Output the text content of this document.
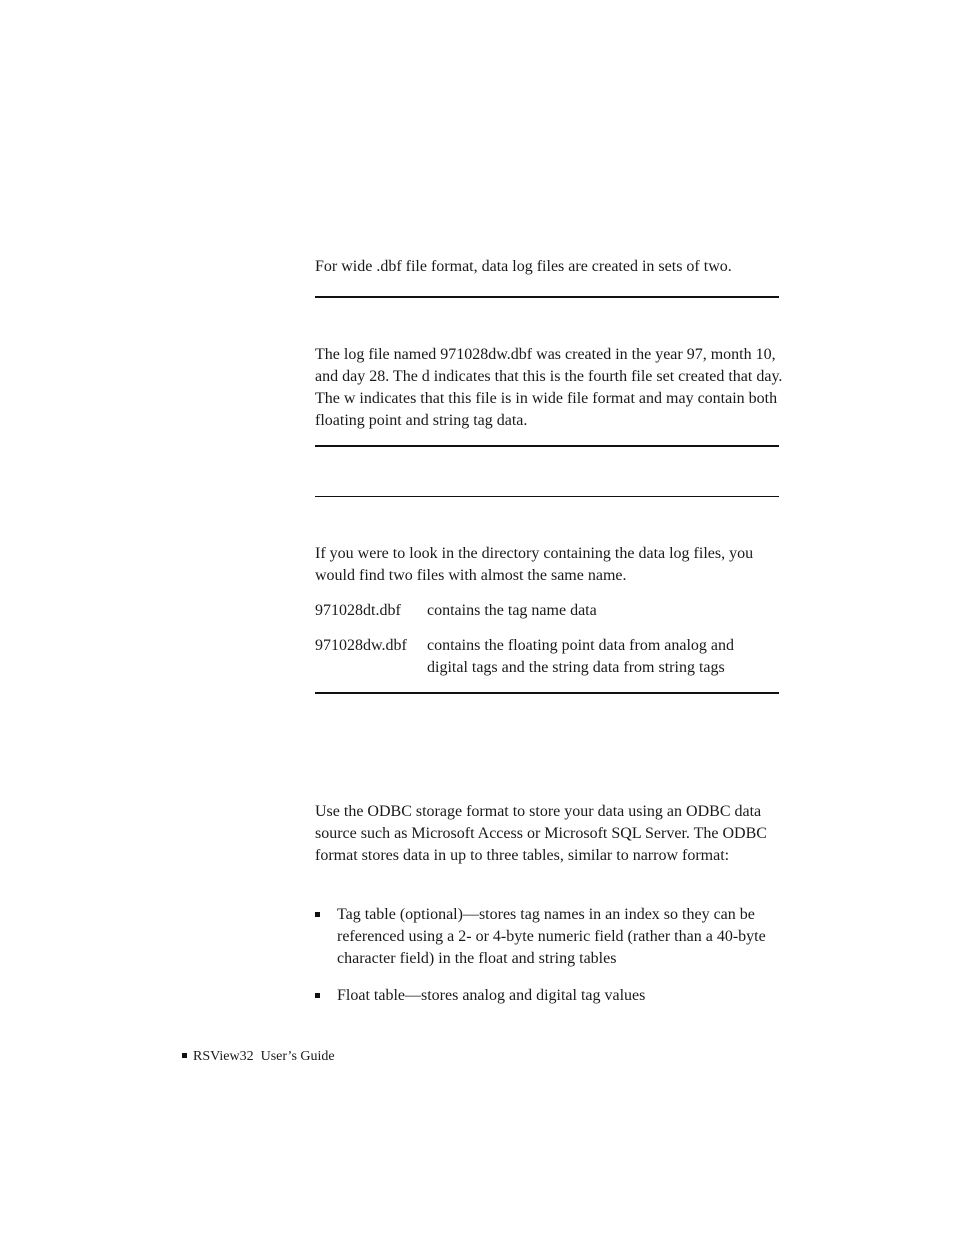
For wide .dbf file format, data log files are created in sets of two.

The log file named 971028dw.dbf was created in the year 97, month 10, and day 28. The d indicates that this is the fourth file set created that day. The w indicates that this file is in wide file format and may contain both floating point and string tag data.

If you were to look in the directory containing the data log files, you would find two files with almost the same name.

971028dt.dbf contains the tag name data
971028dw.dbf contains the floating point data from analog and digital tags and the string data from string tags

Use the ODBC storage format to store your data using an ODBC data source such as Microsoft Access or Microsoft SQL Server. The ODBC format stores data in up to three tables, similar to narrow format:

Tag table (optional)—stores tag names in an index so they can be referenced using a 2- or 4-byte numeric field (rather than a 40-byte character field) in the float and string tables
Float table—stores analog and digital tag values
RSView32  User’s Guide
